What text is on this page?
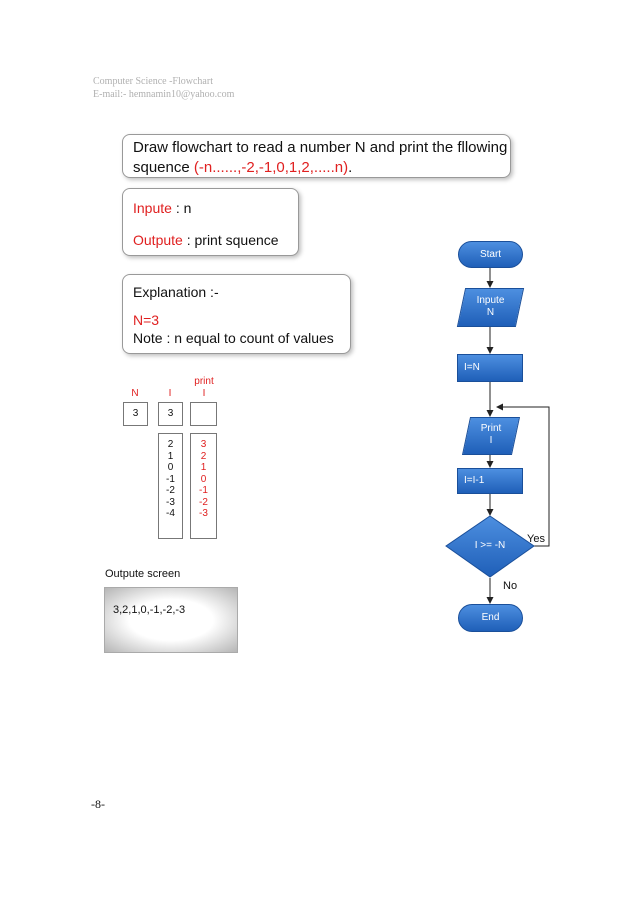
Computer Science -Flowchart
E-mail:- hemnamin10@yahoo.com
Draw flowchart to read a number N and print the fllowing
squence (-n......,-2,-1,0,1,2,.....n).
Inpute : n
Outpute : print squence
Explanation :-
N=3
Note : n equal to count of values
N	I
print
I
3	3
2
1
0
-1
-2
-3
-4
3
2
1
0
-1
-2
-3
Outpute screen
3,2,1,0,-1,-2,-3
Start
Inpute
N
I=N
Print
I
I=I-1
I >= -N
Yes
No
End
-8-
